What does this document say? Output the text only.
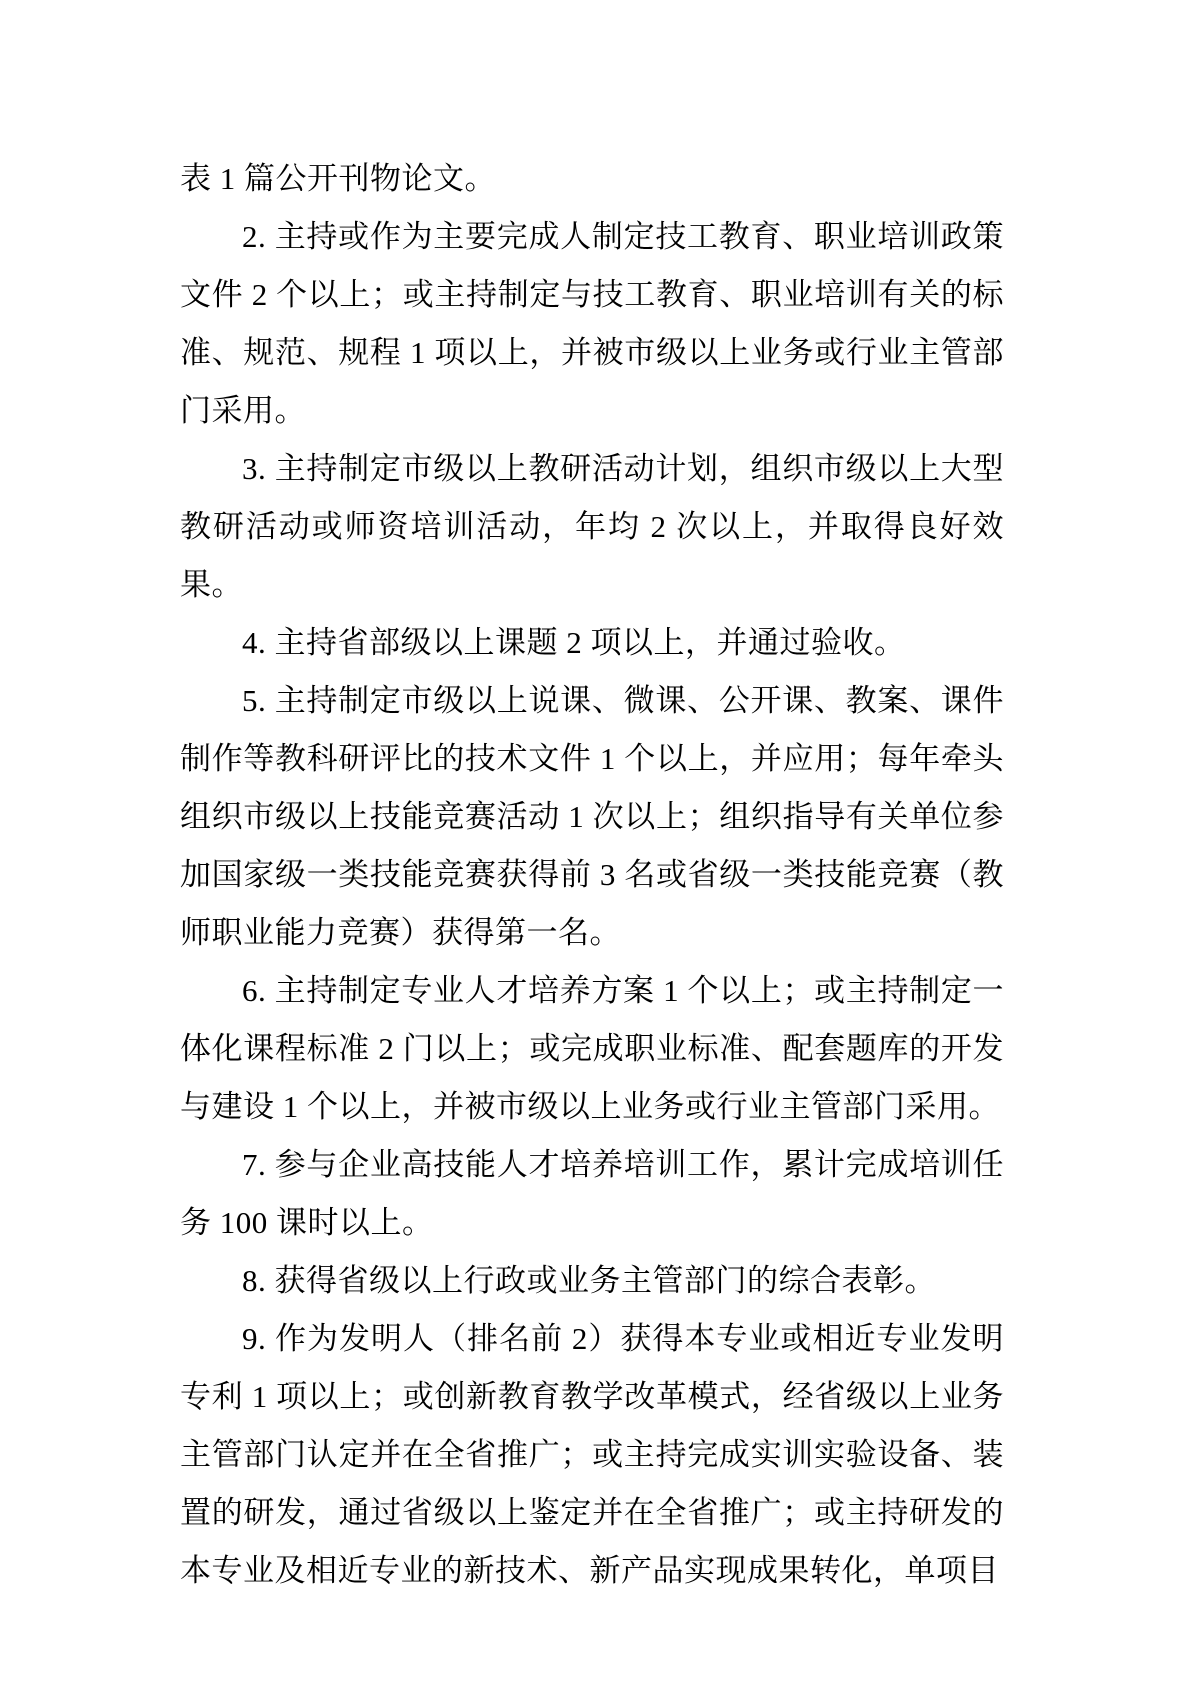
表 1 篇公开刊物论文。

2. 主持或作为主要完成人制定技工教育、职业培训政策文件 2 个以上；或主持制定与技工教育、职业培训有关的标准、规范、规程 1 项以上，并被市级以上业务或行业主管部门采用。

3. 主持制定市级以上教研活动计划，组织市级以上大型教研活动或师资培训活动，年均 2 次以上，并取得良好效果。

4. 主持省部级以上课题 2 项以上，并通过验收。

5. 主持制定市级以上说课、微课、公开课、教案、课件制作等教科研评比的技术文件 1 个以上，并应用；每年牵头组织市级以上技能竞赛活动 1 次以上；组织指导有关单位参加国家级一类技能竞赛获得前 3 名或省级一类技能竞赛（教师职业能力竞赛）获得第一名。

6. 主持制定专业人才培养方案 1 个以上；或主持制定一体化课程标准 2 门以上；或完成职业标准、配套题库的开发与建设 1 个以上，并被市级以上业务或行业主管部门采用。

7. 参与企业高技能人才培养培训工作，累计完成培训任务 100 课时以上。

8. 获得省级以上行政或业务主管部门的综合表彰。

9. 作为发明人（排名前 2）获得本专业或相近专业发明专利 1 项以上；或创新教育教学改革模式，经省级以上业务主管部门认定并在全省推广；或主持完成实训实验设备、装置的研发，通过省级以上鉴定并在全省推广；或主持研发的本专业及相近专业的新技术、新产品实现成果转化，单项目
